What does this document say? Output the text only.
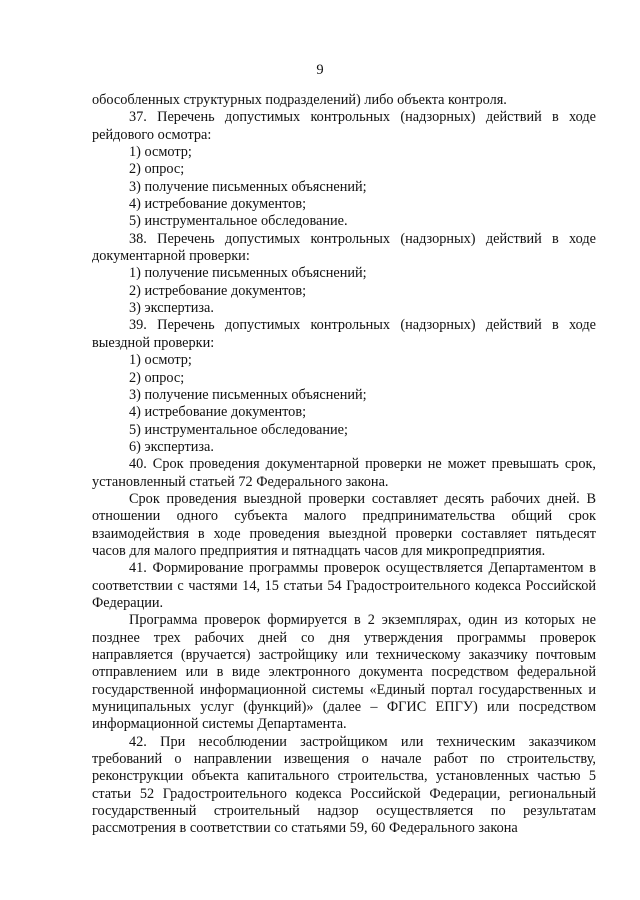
9

обособленных структурных подразделений) либо объекта контроля.

37. Перечень допустимых контрольных (надзорных) действий в ходе рейдового осмотра:

1) осмотр;

2) опрос;

3) получение письменных объяснений;

4) истребование документов;

5) инструментальное обследование.

38. Перечень допустимых контрольных (надзорных) действий в ходе документарной проверки:

1) получение письменных объяснений;

2) истребование документов;

3) экспертиза.

39. Перечень допустимых контрольных (надзорных) действий в ходе выездной проверки:

1) осмотр;

2) опрос;

3) получение письменных объяснений;

4) истребование документов;

5) инструментальное обследование;

6) экспертиза.

40. Срок проведения документарной проверки не может превышать срок, установленный статьей 72 Федерального закона.

Срок проведения выездной проверки составляет десять рабочих дней. В отношении одного субъекта малого предпринимательства общий срок взаимодействия в ходе проведения выездной проверки составляет пятьдесят часов для малого предприятия и пятнадцать часов для микропредприятия.

41. Формирование программы проверок осуществляется Департаментом в соответствии с частями 14, 15 статьи 54 Градостроительного кодекса Российской Федерации.

Программа проверок формируется в 2 экземплярах, один из которых не позднее трех рабочих дней со дня утверждения программы проверок направляется (вручается) застройщику или техническому заказчику почтовым отправлением или в виде электронного документа посредством федеральной государственной информационной системы «Единый портал государственных и муниципальных услуг (функций)» (далее – ФГИС ЕПГУ) или посредством информационной системы Департамента.

42. При несоблюдении застройщиком или техническим заказчиком требований о направлении извещения о начале работ по строительству, реконструкции объекта капитального строительства, установленных частью 5 статьи 52 Градостроительного кодекса Российской Федерации, региональный государственный строительный надзор осуществляется по результатам рассмотрения в соответствии со статьями 59, 60 Федерального закона
